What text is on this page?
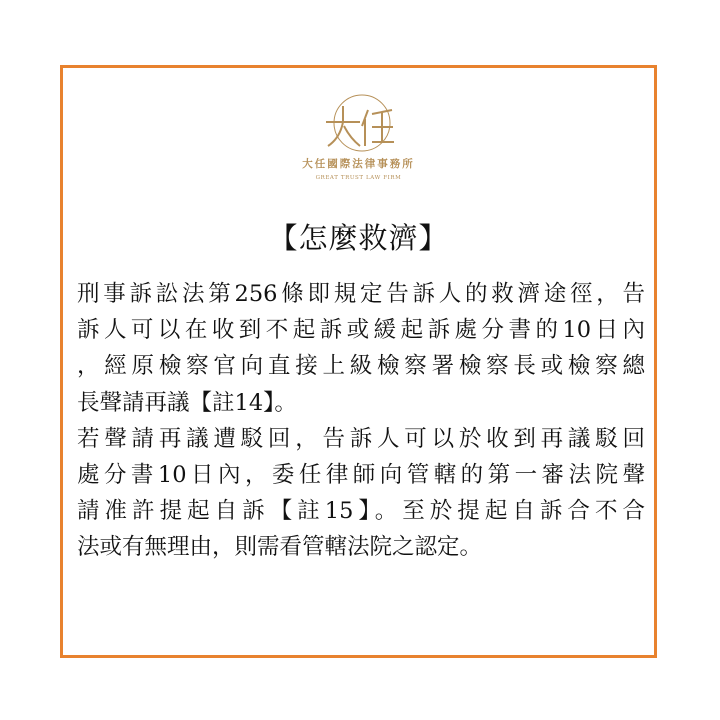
大任國際法律事務所
GREAT TRUST LAW FIRM
【怎麼救濟】
刑事訴訟法第256條即規定告訴人的救濟途徑，告
訴人可以在收到不起訴或緩起訴處分書的10日內
，經原檢察官向直接上級檢察署檢察長或檢察總
長聲請再議【註14】。
若聲請再議遭駁回，告訴人可以於收到再議駁回
處分書10日內，委任律師向管轄的第一審法院聲
請准許提起自訴【註15】。至於提起自訴合不合
法或有無理由，則需看管轄法院之認定。
